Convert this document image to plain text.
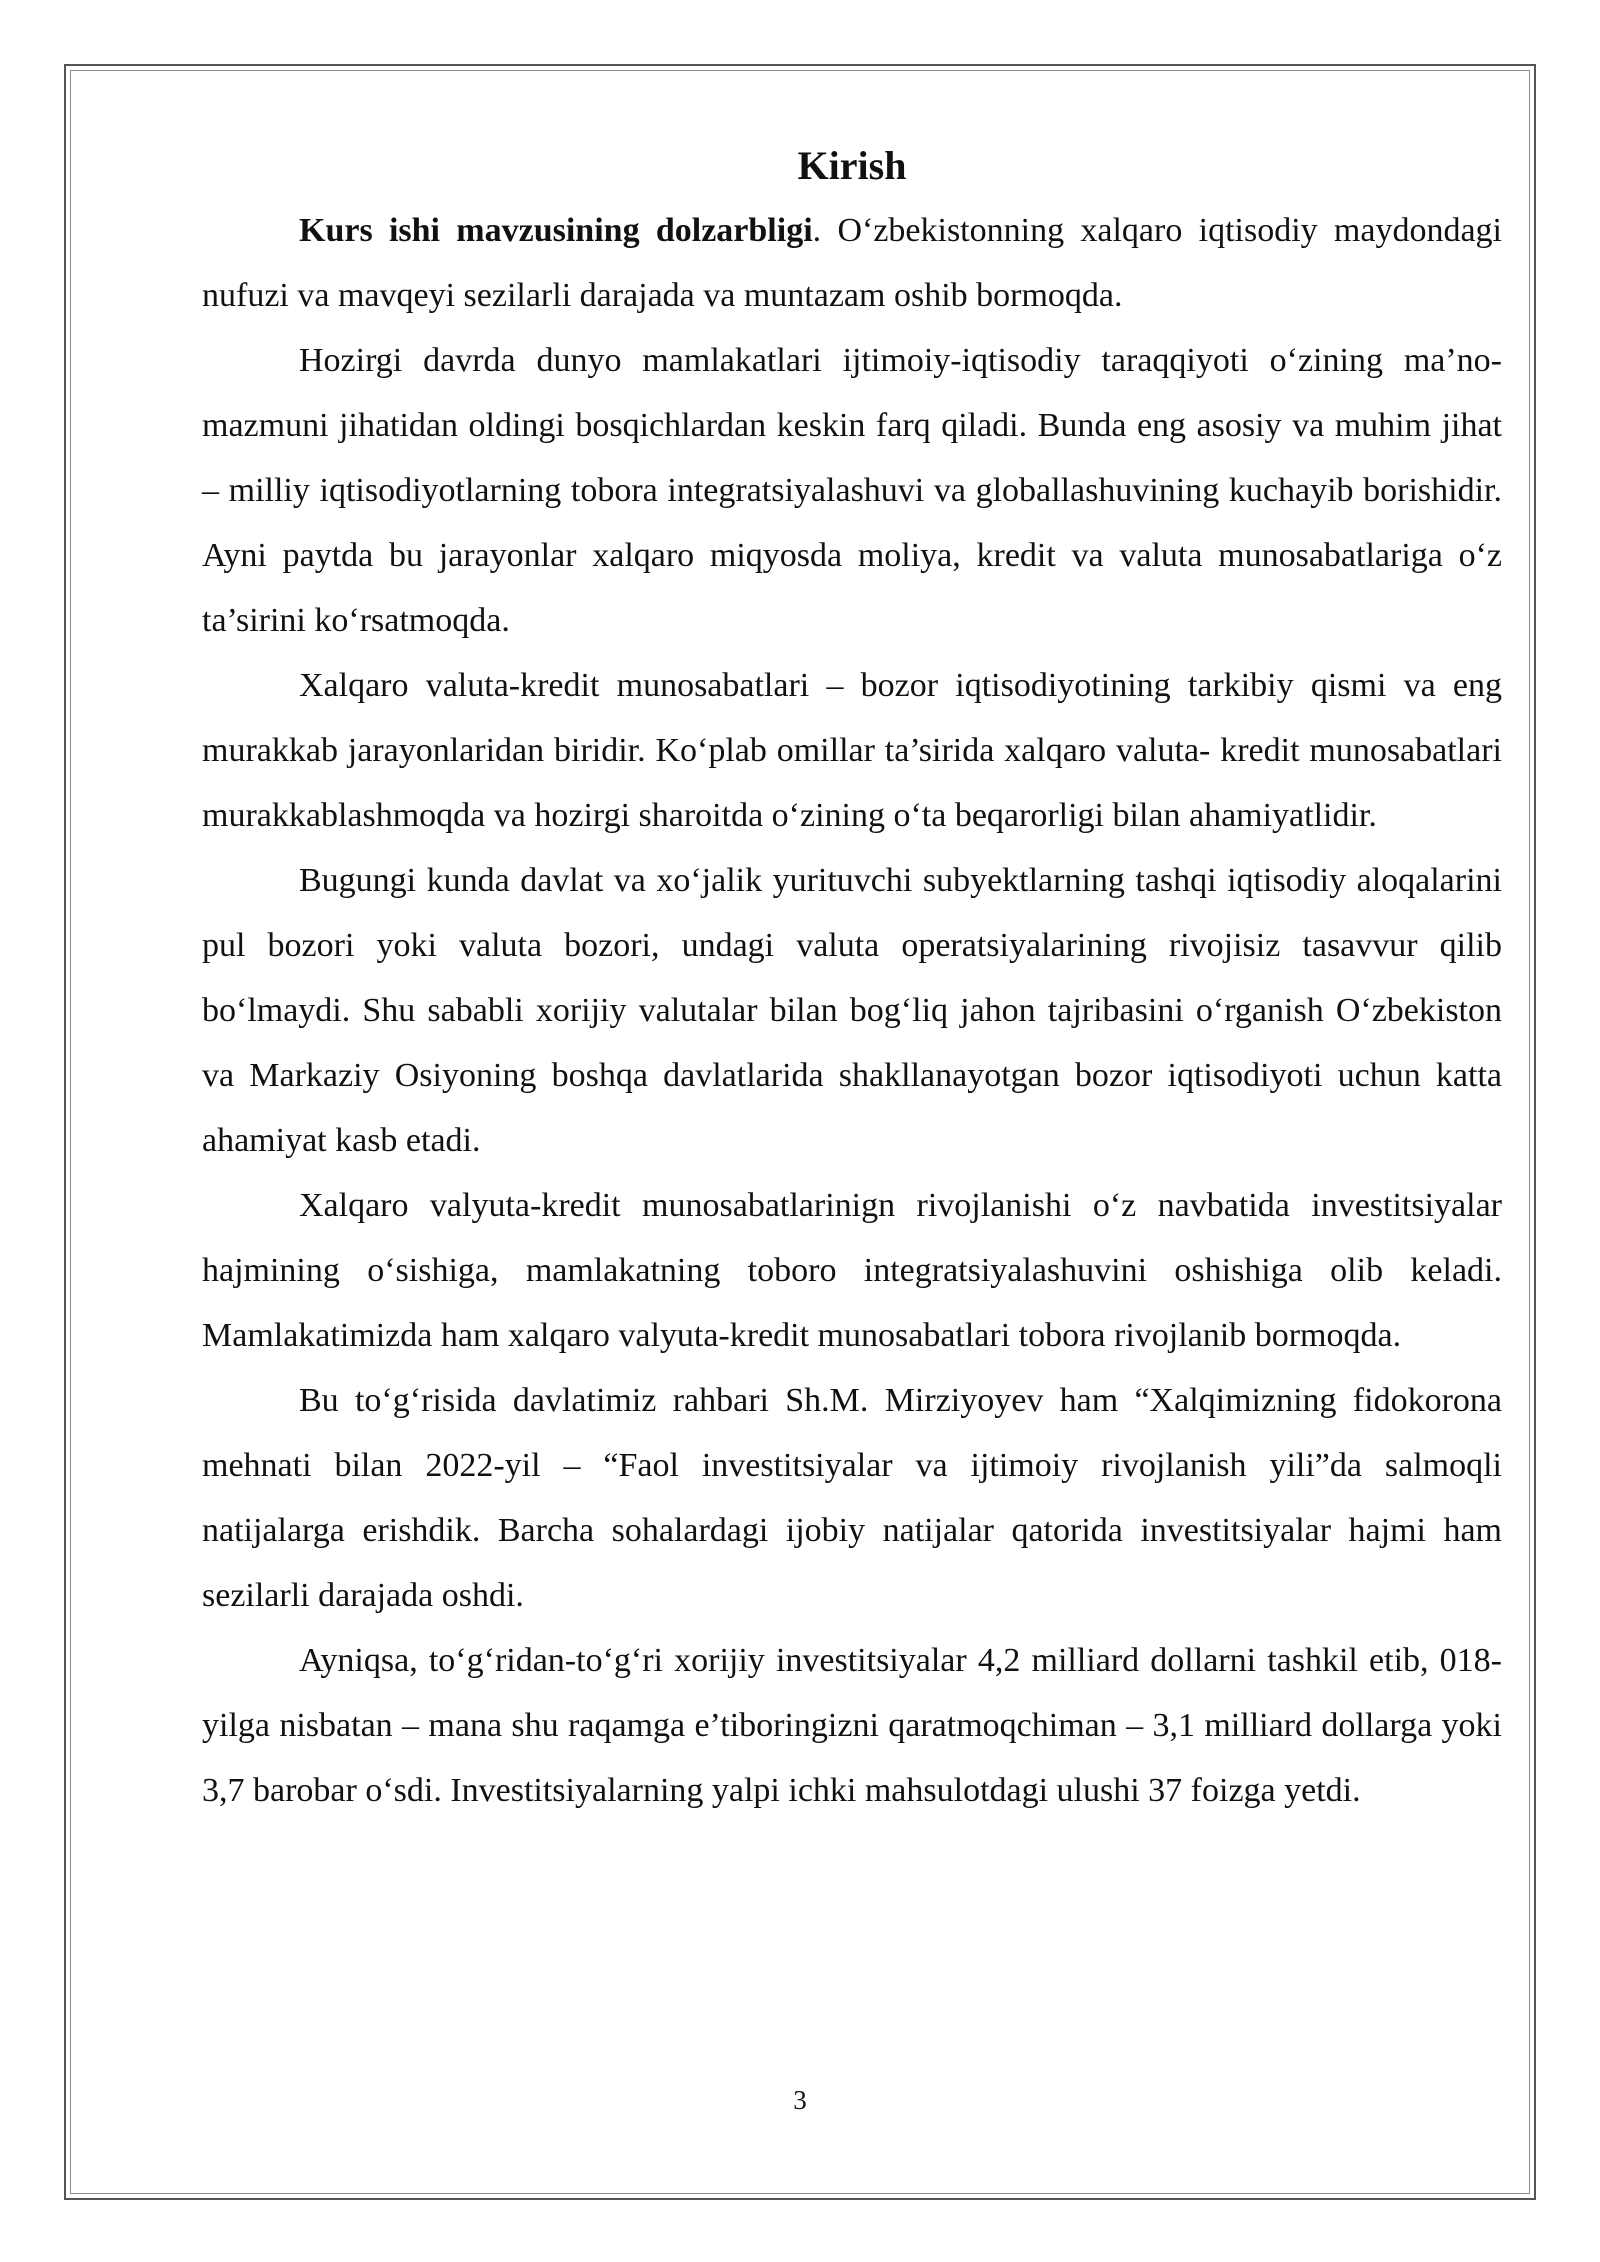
Kirish

Kurs ishi mavzusining dolzarbligi. O‘zbekistonning xalqaro iqtisodiy maydondagi nufuzi va mavqeyi sezilarli darajada va muntazam oshib bormoqda.

Hozirgi davrda dunyo mamlakatlari ijtimoiy-iqtisodiy taraqqiyoti o‘zining ma’no-mazmuni jihatidan oldingi bosqichlardan keskin farq qiladi. Bunda eng asosiy va muhim jihat – milliy iqtisodiyotlarning tobora integratsiyalashuvi va globallashuvining kuchayib borishidir. Ayni paytda bu jarayonlar xalqaro miqyosda moliya, kredit va valuta munosabatlariga o‘z ta’sirini ko‘rsatmoqda.

Xalqaro valuta-kredit munosabatlari – bozor iqtisodiyotining tarkibiy qismi va eng murakkab jarayonlaridan biridir. Ko‘plab omillar ta’sirida xalqaro valuta- kredit munosabatlari murakkablashmoqda va hozirgi sharoitda o‘zining o‘ta beqarorligi bilan ahamiyatlidir.

Bugungi kunda davlat va xo‘jalik yurituvchi subyektlarning tashqi iqtisodiy aloqalarini pul bozori yoki valuta bozori, undagi valuta operatsiyalarining rivojisiz tasavvur qilib bo‘lmaydi. Shu sababli xorijiy valutalar bilan bog‘liq jahon tajribasini o‘rganish O‘zbekiston va Markaziy Osiyoning boshqa davlatlarida shakllanayotgan bozor iqtisodiyoti uchun katta ahamiyat kasb etadi.

Xalqaro valyuta-kredit munosabatlarinign rivojlanishi o‘z navbatida investitsiyalar hajmining o‘sishiga, mamlakatning toboro integratsiyalashuvini oshishiga olib keladi. Mamlakatimizda ham xalqaro valyuta-kredit munosabatlari tobora rivojlanib bormoqda.

Bu to‘g‘risida davlatimiz rahbari Sh.M. Mirziyoyev ham “Xalqimizning fidokorona mehnati bilan 2022-yil – “Faol investitsiyalar va ijtimoiy rivojlanish yili”da salmoqli natijalarga erishdik. Barcha sohalardagi ijobiy natijalar qatorida investitsiyalar hajmi ham sezilarli darajada oshdi.

Ayniqsa, to‘g‘ridan-to‘g‘ri xorijiy investitsiyalar 4,2 milliard dollarni tashkil etib, 018-yilga nisbatan – mana shu raqamga e’tiboringizni qaratmoqchiman – 3,1 milliard dollarga yoki 3,7 barobar o‘sdi. Investitsiyalarning yalpi ichki mahsulotdagi ulushi 37 foizga yetdi.

3
